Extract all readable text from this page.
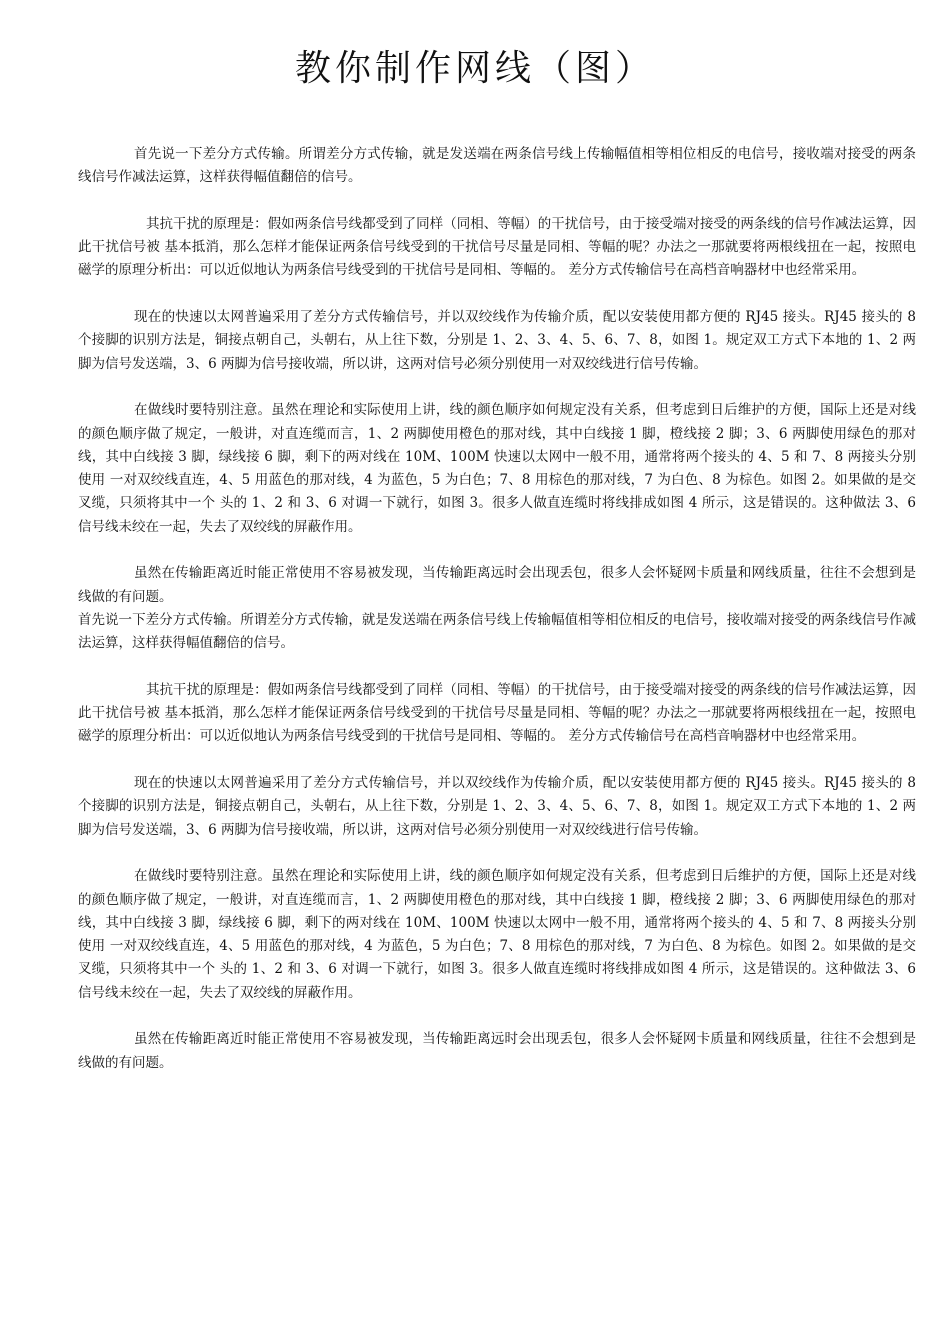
教你制作网线（图）

首先说一下差分方式传输。所谓差分方式传输，就是发送端在两条信号线上传输幅值相等相位相反的电信号，接收端对接受的两条线信号作减法运算，这样获得幅值翻倍的信号。

其抗干扰的原理是：假如两条信号线都受到了同样（同相、等幅）的干扰信号，由于接受端对接受的两条线的信号作减法运算，因此干扰信号被 基本抵消，那么怎样才能保证两条信号线受到的干扰信号尽量是同相、等幅的呢？办法之一那就要将两根线扭在一起，按照电磁学的原理分析出：可以近似地认为两条信号线受到的干扰信号是同相、等幅的。 差分方式传输信号在高档音响器材中也经常采用。

现在的快速以太网普遍采用了差分方式传输信号，并以双绞线作为传输介质，配以安装使用都方便的 RJ45 接头。RJ45 接头的 8 个接脚的识别方法是，铜接点朝自己，头朝右，从上往下数，分别是 1、2、3、4、5、6、7、8，如图 1。规定双工方式下本地的 1、2 两脚为信号发送端，3、6 两脚为信号接收端，所以讲，这两对信号必须分别使用一对双绞线进行信号传输。

在做线时要特别注意。虽然在理论和实际使用上讲，线的颜色顺序如何规定没有关系，但考虑到日后维护的方便，国际上还是对线的颜色顺序做了规定，一般讲，对直连缆而言，1、2 两脚使用橙色的那对线，其中白线接 1 脚，橙线接 2 脚；3、6 两脚使用绿色的那对线，其中白线接 3 脚，绿线接 6 脚，剩下的两对线在 10M、100M 快速以太网中一般不用，通常将两个接头的 4、5 和 7、8 两接头分别使用 一对双绞线直连，4、5 用蓝色的那对线，4 为蓝色，5 为白色；7、8 用棕色的那对线，7 为白色、8 为棕色。如图 2。如果做的是交叉缆，只须将其中一个 头的 1、2 和 3、6 对调一下就行，如图 3。很多人做直连缆时将线排成如图 4 所示，这是错误的。这种做法 3、6 信号线未绞在一起，失去了双绞线的屏蔽作用。

虽然在传输距离近时能正常使用不容易被发现，当传输距离远时会出现丢包，很多人会怀疑网卡质量和网线质量，往往不会想到是 线做的有问题。

首先说一下差分方式传输。所谓差分方式传输，就是发送端在两条信号线上传输幅值相等相位相反的电信号，接收端对接受的两条线信号作减法运算，这样获得幅值翻倍的信号。

其抗干扰的原理是：假如两条信号线都受到了同样（同相、等幅）的干扰信号，由于接受端对接受的两条线的信号作减法运算，因此干扰信号被 基本抵消，那么怎样才能保证两条信号线受到的干扰信号尽量是同相、等幅的呢？办法之一那就要将两根线扭在一起，按照电磁学的原理分析出：可以近似地认为两条信号线受到的干扰信号是同相、等幅的。 差分方式传输信号在高档音响器材中也经常采用。

现在的快速以太网普遍采用了差分方式传输信号，并以双绞线作为传输介质，配以安装使用都方便的 RJ45 接头。RJ45 接头的 8 个接脚的识别方法是，铜接点朝自己，头朝右，从上往下数，分别是 1、2、3、4、5、6、7、8，如图 1。规定双工方式下本地的 1、2 两脚为信号发送端，3、6 两脚为信号接收端，所以讲，这两对信号必须分别使用一对双绞线进行信号传输。

在做线时要特别注意。虽然在理论和实际使用上讲，线的颜色顺序如何规定没有关系，但考虑到日后维护的方便，国际上还是对线的颜色顺序做了规定，一般讲，对直连缆而言，1、2 两脚使用橙色的那对线，其中白线接 1 脚，橙线接 2 脚；3、6 两脚使用绿色的那对线，其中白线接 3 脚，绿线接 6 脚，剩下的两对线在 10M、100M 快速以太网中一般不用，通常将两个接头的 4、5 和 7、8 两接头分别使用 一对双绞线直连，4、5 用蓝色的那对线，4 为蓝色，5 为白色；7、8 用棕色的那对线，7 为白色、8 为棕色。如图 2。如果做的是交叉缆，只须将其中一个 头的 1、2 和 3、6 对调一下就行，如图 3。很多人做直连缆时将线排成如图 4 所示，这是错误的。这种做法 3、6 信号线未绞在一起，失去了双绞线的屏蔽作用。

虽然在传输距离近时能正常使用不容易被发现，当传输距离远时会出现丢包，很多人会怀疑网卡质量和网线质量，往往不会想到是 线做的有问题。
